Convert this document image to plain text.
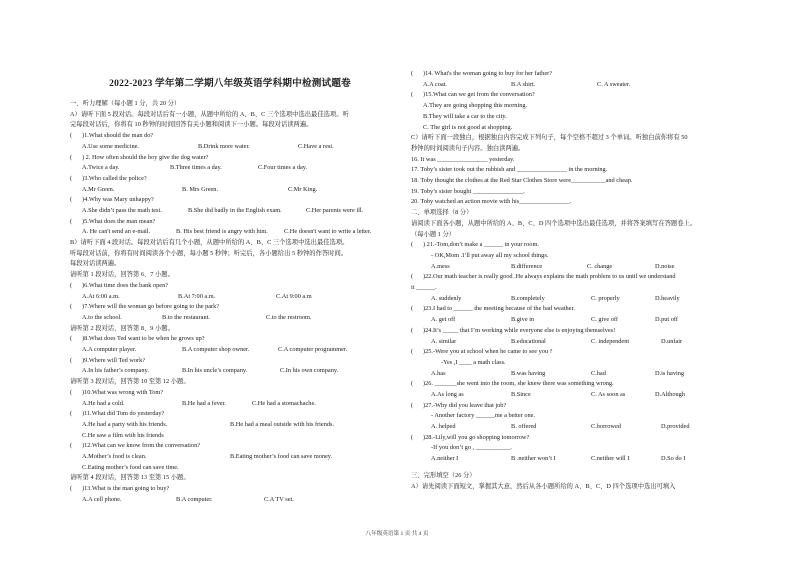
2022-2023 学年第二学期八年级英语学科期中检测试题卷
一、听力理解（每小题 1 分，共 20 分）
A）请听下面 5 段对话。每段对话后有一小题，从题中所给的 A、B、C 三个选项中选出最佳选项。听
完每段对话后，你将有 10 秒钟的时间回答有关小题和阅读下一小题。每段对话读两遍。
( )1.What should the man do?
A.Use some medicine.	B.Drink more water.	C.Have a rest.
( ) 2. How often should the boy give the dog water?
A.Twice a day.	B.Three times a day.	C.Four times a day.
( )3.Who called the police?
A.Mr Green.	B. Mrs Green.	C.Mr King.
( )4.Why was Mary unhappy?
A.She didn’t pass the math test.	B.She did badly in the English exam.	C.Her parents were ill.
( )5.What does the man mean?
A. He can't send an e-mail.	B. His best friend is angry with him.	C.He doesn't want to write a letter.
B）请听下面 4 段对话。每段对话后有几个小题，从题中所给的 A、B、C 三个选项中选出最佳选项。
听每段对话前，你将有时间阅读各个小题，每小题 5 秒钟；听完后，各小题给出 5 秒钟的作答时间。
每段对话读两遍。
请听第 1 段对话，回答第 6、7 小题。
( )6.What time does the bank open?
A.At 6:00 a.m.	B.At 7:00 a.m.	C.At 9:00 a.m
( )7.Where will the woman go before going to the park?
A.to the school.	B.to the restaurant.	C.to the restroom.
请听第 2 段对话，回答第 8、9 小题。
( )8.What does Ted want to be when he grows up?
A.A computer player.	B.A computer shop owner.	C.A computer programmer.
( )9.Where will Ted work?
A.In his father’s company.	B.In his uncle’s company.	C.In his own company.
请听第 3 段对话，回答第 10 至第 12 小题。
( )10.What was wrong with Tom?
A.He had a cold.	B.He had a fever.	C.He had a stomachache.
( )11.What did Tom do yesterday?
A.He had a party with his friends.	B.He had a meal outside with his friends.
C.He saw a film with his friends
( )12.What can we know from the conversation?
A.Mother’s food is clean.	B.Eating mother’s food can save money.
C.Eating mother’s food can save time.
请听第 4 段对话，回答第 13 至第 15 小题。
( )13.What is the man going to buy?
A.A cell phone.	B.A computer.	C.A TV set.
( )14. What's the woman going to buy for her father?
A.A coat.	B.A shirt.	C. A sweater.
( )15.What can we get from the conversation?
A.They are going shopping this morning.
B.They will take a car to the city.
C. The girl is not good at shopping.
C）请听下面一段独白，根据独白内容完成下列句子，每个空格不超过 3 个单词。听独白前你将有 50
秒钟的时间阅读句子内容。独白读两遍。
16. It was ________________ yesterday.
17. Toby’s sister took out the rubbish and ________________ in the morning.
18. Toby thought the clothes at the Red Star Clothes Store were___________and cheap.
19. Toby’s sister bought ________________.
20. Toby watched an action movie with his________________.
二、单项选择（8 分）
请阅读下面各小题，从题中所给的 A、B、C、D 四个选项中选出最佳选项，并将答案填写在答题卷上。
（每小题 1 分）
( ) 21.-Tom,don’t make a ______ in your room.
- OK,Mom .I’ll put away all my school things.
A.mess	B.difference	C. change	D.noise
( )22.Our math teacher is really good .He always explains the math problem to us until we understand
it ______.
A. suddenly	B.completely	C. properly	D.heavily
( )23.I had to ______ the meeting because of the bad weather.
A. get off	B.give in	C. give off	D.put off
( )24.It’s _____ that I’m working while everyone else is enjoying themselves!
A. similar	B.educational	C. independent	D.unfair
( )25.-Were you at school when he came to see you ?
-Yes ,I ____ a math class.
A.has	B.was having	C.had	D.is having
( )26. _______she went into the room, she knew there was something wrong.
A.As long as	B.Since	C. As soon as	D.Although
( )27.-Why did you leave that job?
- Another factory ______me a better one.
A. helped	B. offered	C.borrowed	D.provided
( )28.-Lily,will you go shopping tomorrow?
-If you don’t go , ___________.
A.neither I	B .neither won’t I	C.neither will I	D.So do I
三、完形填空（26 分）
A）请先阅读下面短文，掌握其大意，然后从各小题所给的 A、B、C、D 四个选项中选出可填入
八年级英语第 1 页 共 4 页
